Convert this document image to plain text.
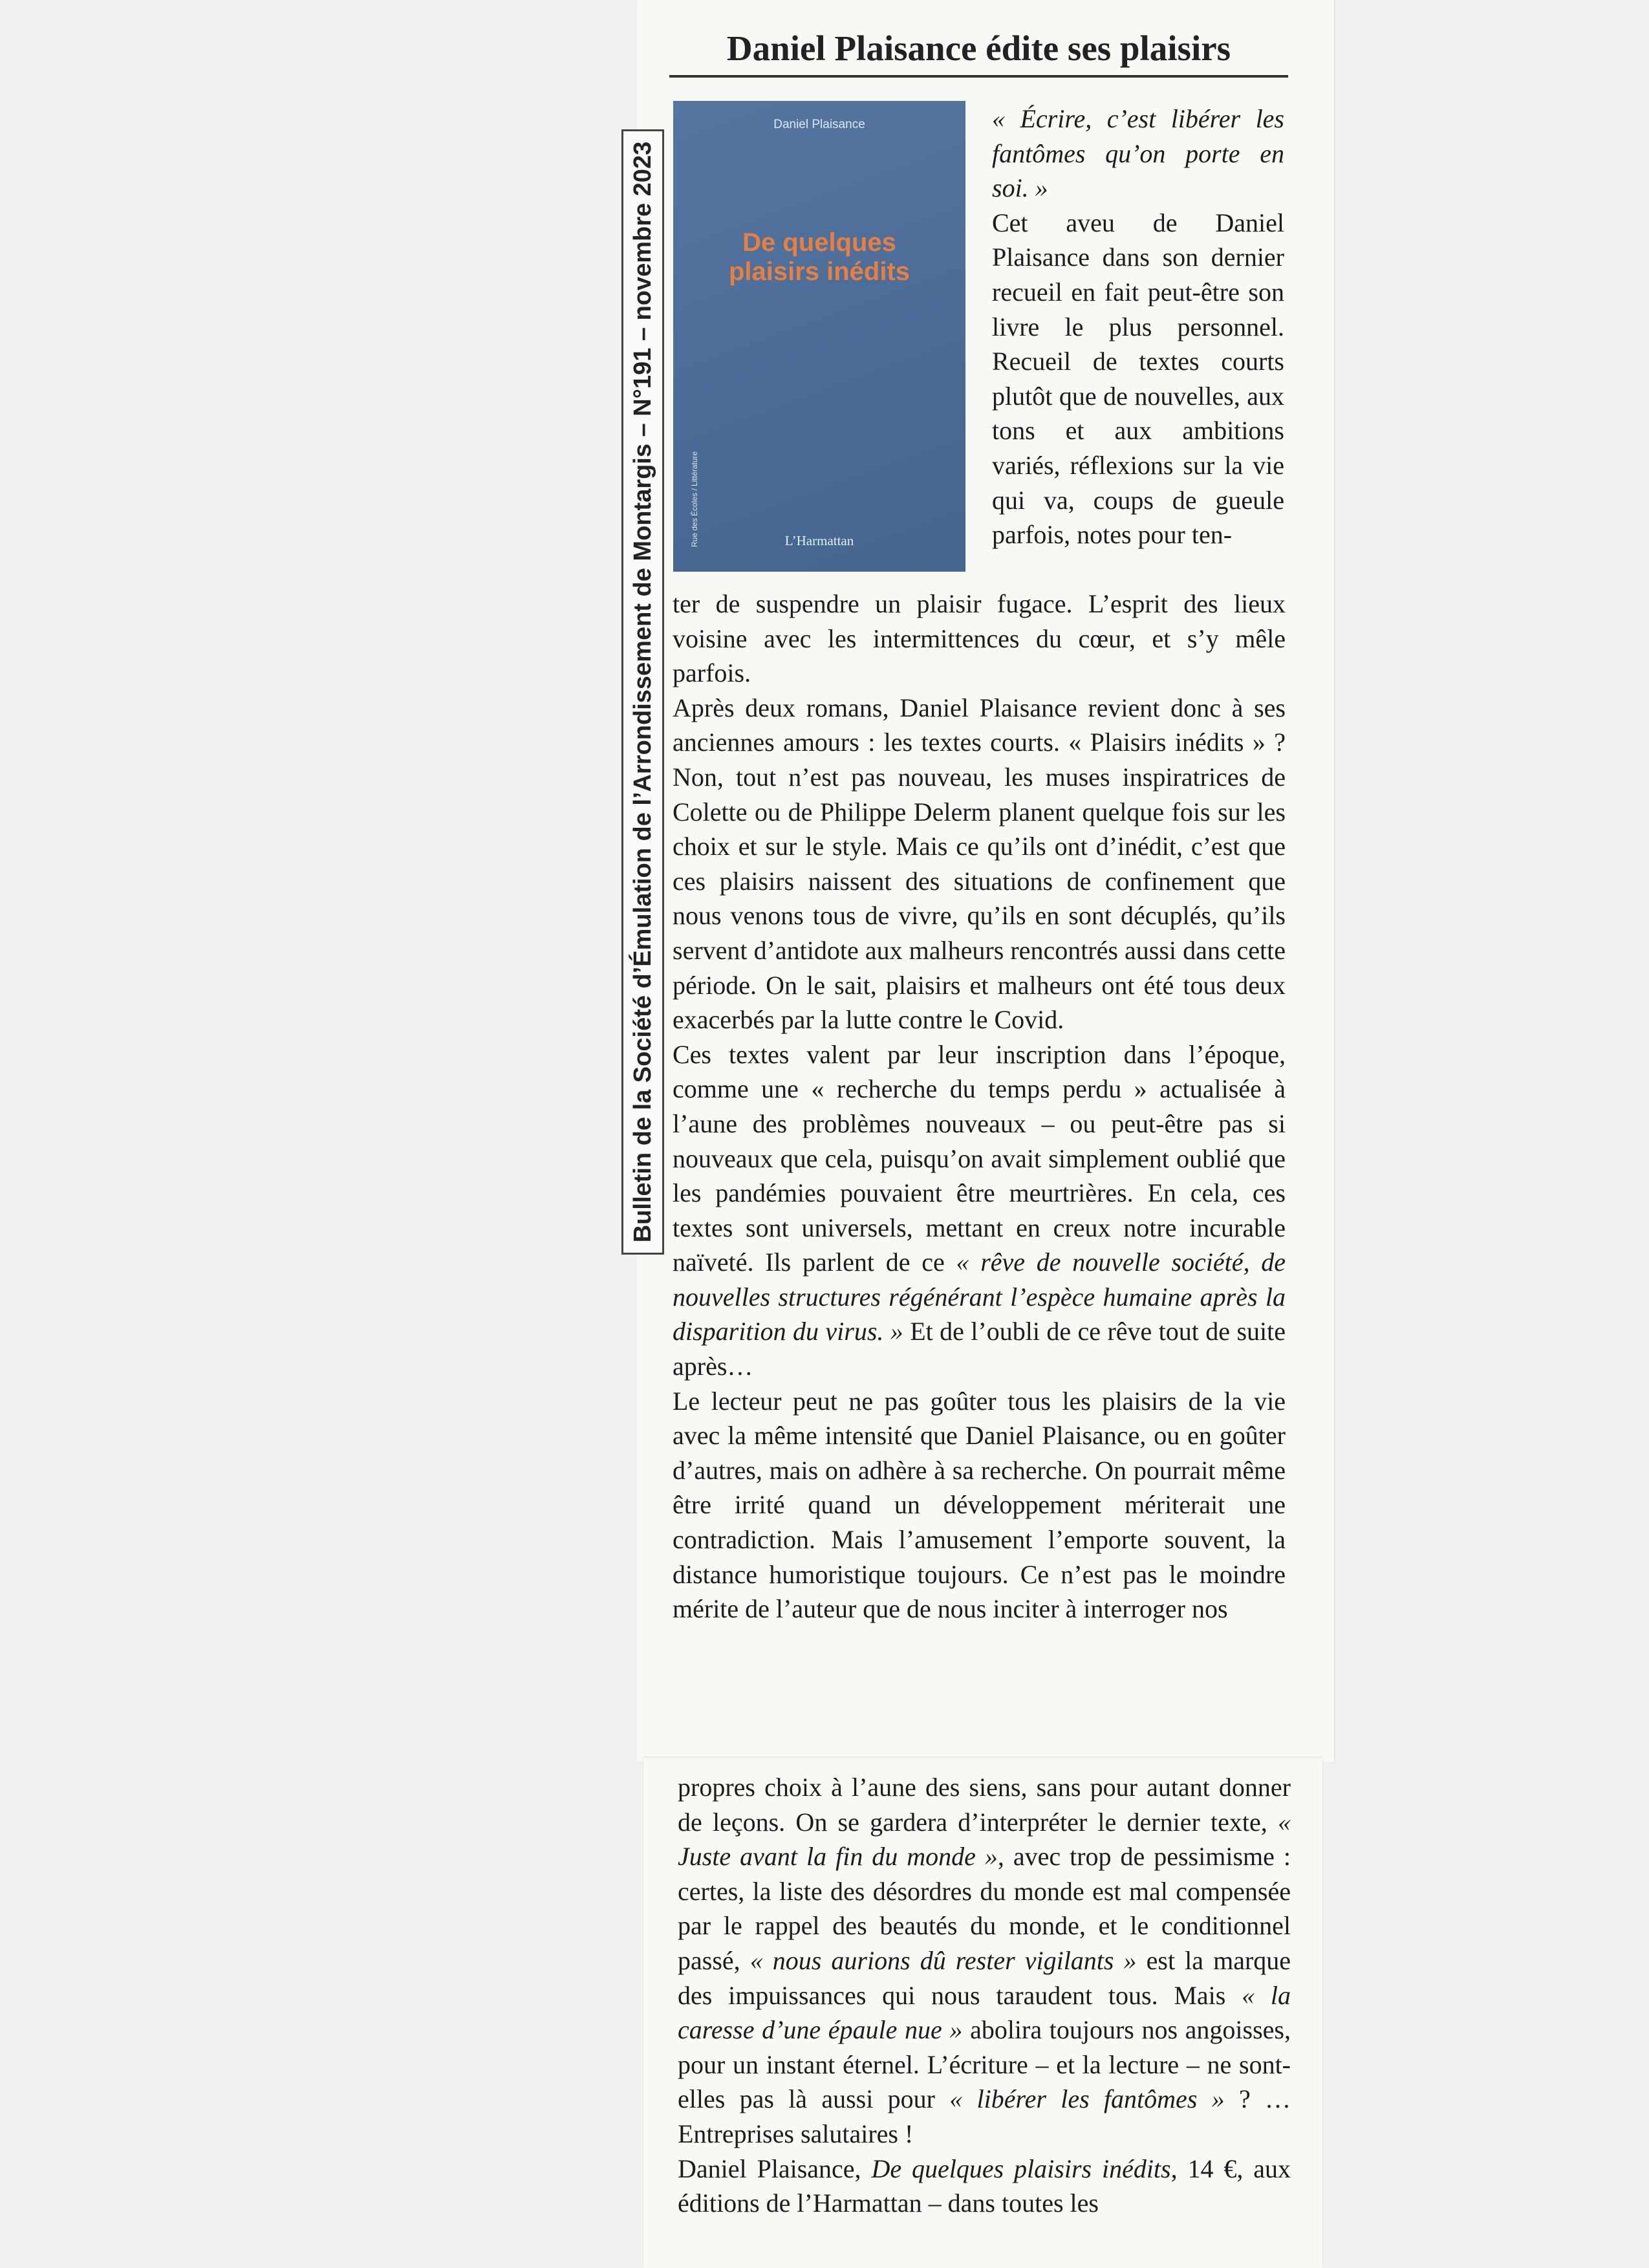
Daniel Plaisance édite ses plaisirs
Bulletin de la Société d’Émulation de l’Arrondissement de Montargis – N°191 – novembre 2023
Daniel Plaisance
De quelques
plaisirs inédits
Rue des Écoles / Littérature	L’Harmattan

« Écrire, c’est libérer les fantômes qu’on porte en soi. »

Cet aveu de Daniel Plaisance dans son dernier recueil en fait peut-être son livre le plus personnel. Recueil de textes courts plutôt que de nouvelles, aux tons et aux ambitions variés, réflexions sur la vie qui va, coups de gueule parfois, notes pour ten-

ter de suspendre un plaisir fugace. L’esprit des lieux voisine avec les intermittences du cœur, et s’y mêle parfois.

Après deux romans, Daniel Plaisance revient donc à ses anciennes amours : les textes courts. « Plaisirs inédits » ? Non, tout n’est pas nouveau, les muses inspiratrices de Colette ou de Philippe Delerm planent quelque fois sur les choix et sur le style. Mais ce qu’ils ont d’inédit, c’est que ces plaisirs naissent des situations de confinement que nous venons tous de vivre, qu’ils en sont décuplés, qu’ils servent d’antidote aux malheurs rencontrés aussi dans cette période. On le sait, plaisirs et malheurs ont été tous deux exacerbés par la lutte contre le Covid.

Ces textes valent par leur inscription dans l’époque, comme une « recherche du temps perdu » actualisée à l’aune des problèmes nouveaux – ou peut-être pas si nouveaux que cela, puisqu’on avait simplement oublié que les pandémies pouvaient être meurtrières. En cela, ces textes sont universels, mettant en creux notre incurable naïveté. Ils parlent de ce « rêve de nouvelle société, de nouvelles structures régénérant l’espèce humaine après la disparition du virus. » Et de l’oubli de ce rêve tout de suite après…

Le lecteur peut ne pas goûter tous les plaisirs de la vie avec la même intensité que Daniel Plaisance, ou en goûter d’autres, mais on adhère à sa recherche. On pourrait même être irrité quand un développement mériterait une contradiction. Mais l’amusement l’emporte souvent, la distance humoristique toujours. Ce n’est pas le moindre mérite de l’auteur que de nous inciter à interroger nos

propres choix à l’aune des siens, sans pour autant donner de leçons. On se gardera d’interpréter le dernier texte, « Juste avant la fin du monde », avec trop de pessimisme : certes, la liste des désordres du monde est mal compensée par le rappel des beautés du monde, et le conditionnel passé, « nous aurions dû rester vigilants » est la marque des impuissances qui nous taraudent tous. Mais « la caresse d’une épaule nue » abolira toujours nos angoisses, pour un instant éternel. L’écriture – et la lecture – ne sont-elles pas là aussi pour « libérer les fantômes » ? … Entreprises salutaires !

Daniel Plaisance, De quelques plaisirs inédits, 14 €, aux éditions de l’Harmattan – dans toutes les
